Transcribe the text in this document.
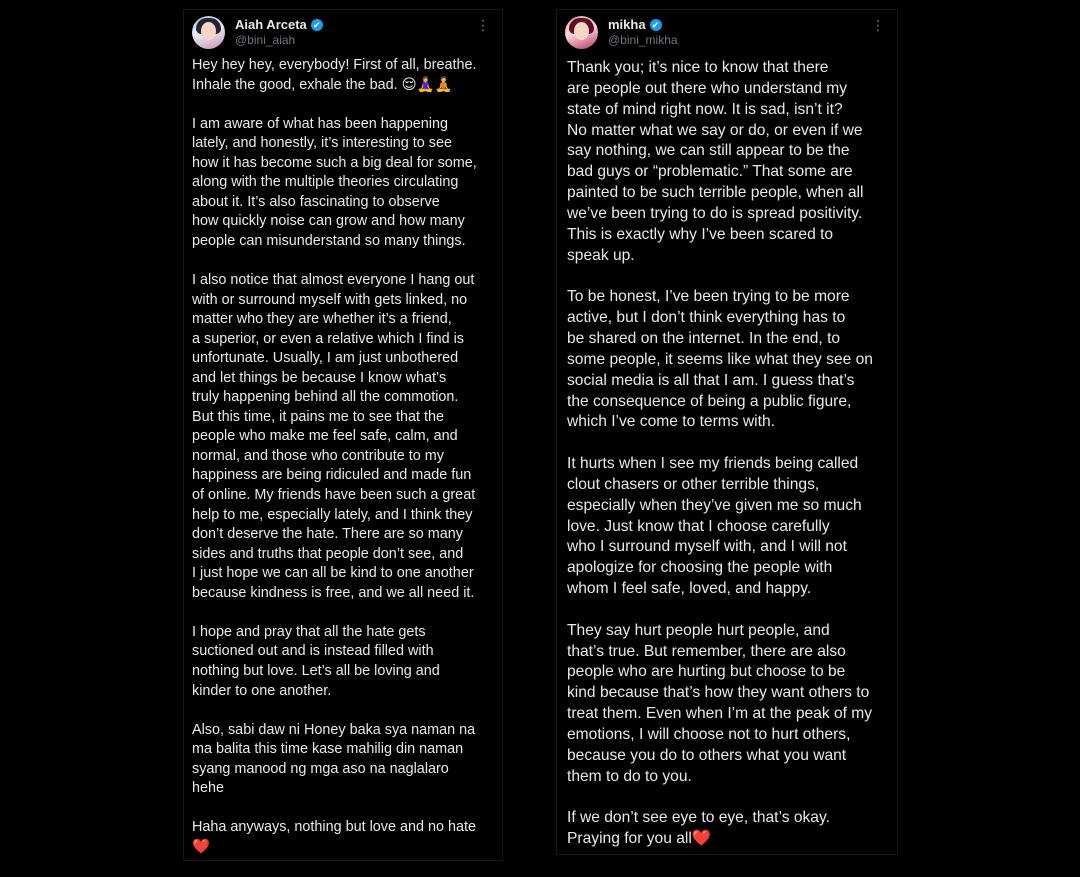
Aiah Arceta ✔
@bini_aiah
⋮

Hey hey hey, everybody! First of all, breathe.
Inhale the good, exhale the bad. 😌🧘‍♀️🧘

I am aware of what has been happening
lately, and honestly, it’s interesting to see
how it has become such a big deal for some,
along with the multiple theories circulating
about it. It’s also fascinating to observe
how quickly noise can grow and how many
people can misunderstand so many things.

I also notice that almost everyone I hang out
with or surround myself with gets linked, no
matter who they are whether it’s a friend,
a superior, or even a relative which I find is
unfortunate. Usually, I am just unbothered
and let things be because I know what’s
truly happening behind all the commotion.
But this time, it pains me to see that the
people who make me feel safe, calm, and
normal, and those who contribute to my
happiness are being ridiculed and made fun
of online. My friends have been such a great
help to me, especially lately, and I think they
don’t deserve the hate. There are so many
sides and truths that people don’t see, and
I just hope we can all be kind to one another
because kindness is free, and we all need it.

I hope and pray that all the hate gets
suctioned out and is instead filled with
nothing but love. Let’s all be loving and
kinder to one another.

Also, sabi daw ni Honey baka sya naman na
ma balita this time kase mahilig din naman
syang manood ng mga aso na naglalaro
hehe

Haha anyways, nothing but love and no hate
❤️

mikha ✔
@bini_mikha
⋮

Thank you; it’s nice to know that there
are people out there who understand my
state of mind right now. It is sad, isn’t it?
No matter what we say or do, or even if we
say nothing, we can still appear to be the
bad guys or “problematic.” That some are
painted to be such terrible people, when all
we’ve been trying to do is spread positivity.
This is exactly why I’ve been scared to
speak up.

To be honest, I’ve been trying to be more
active, but I don’t think everything has to
be shared on the internet. In the end, to
some people, it seems like what they see on
social media is all that I am. I guess that’s
the consequence of being a public figure,
which I’ve come to terms with.

It hurts when I see my friends being called
clout chasers or other terrible things,
especially when they’ve given me so much
love. Just know that I choose carefully
who I surround myself with, and I will not
apologize for choosing the people with
whom I feel safe, loved, and happy.

They say hurt people hurt people, and
that’s true. But remember, there are also
people who are hurting but choose to be
kind because that’s how they want others to
treat them. Even when I’m at the peak of my
emotions, I will choose not to hurt others,
because you do to others what you want
them to do to you.

If we don’t see eye to eye, that’s okay.
Praying for you all❤️
